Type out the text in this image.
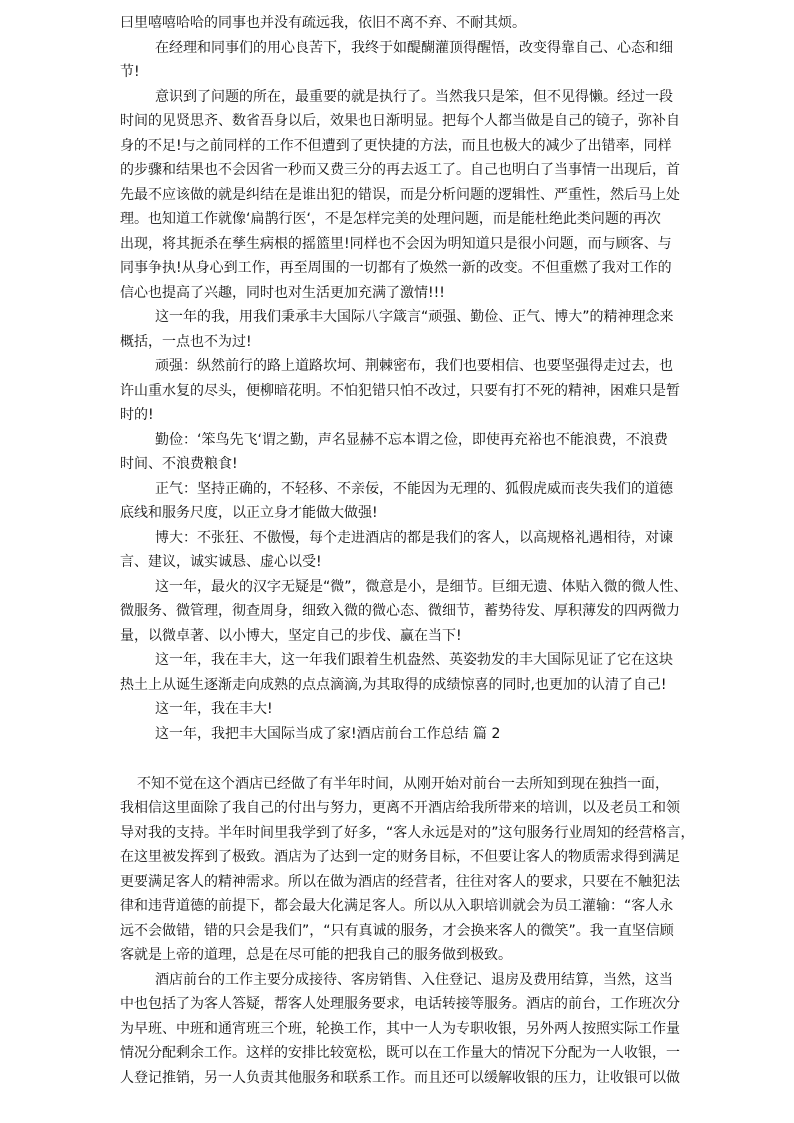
曰里嘻嘻哈哈的同事也并没有疏远我，依旧不离不弃、不耐其烦。
在经理和同事们的用心良苦下，我终于如醍醐灌顶得醒悟，改变得靠自己、心态和细
节!
意识到了问题的所在，最重要的就是执行了。当然我只是笨，但不见得懒。经过一段
时间的见贤思齐、数省吾身以后，效果也日渐明显。把每个人都当做是自己的镜子，弥补自
身的不足!与之前同样的工作不但遭到了更快捷的方法，而且也极大的减少了出错率，同样
的步骤和结果也不会因省一秒而又费三分的再去返工了。自己也明白了当事情一出现后，首
先最不应该做的就是纠结在是谁出犯的错误，而是分析问题的逻辑性、严重性，然后马上处
理。也知道工作就像‘扁鹊行医‘，不是怎样完美的处理问题，而是能杜绝此类问题的再次
出现，将其扼杀在孳生病根的摇篮里!同样也不会因为明知道只是很小问题，而与顾客、与
同事争执!从身心到工作，再至周围的一切都有了焕然一新的改变。不但重燃了我对工作的
信心也提高了兴趣，同时也对生活更加充满了激情!!!
这一年的我，用我们秉承丰大国际八字箴言“顽强、勤俭、正气、博大”的精神理念来
概括，一点也不为过!
顽强：纵然前行的路上道路坎坷、荆棘密布，我们也要相信、也要坚强得走过去，也
许山重水复的尽头，便柳暗花明。不怕犯错只怕不改过，只要有打不死的精神，困难只是暂
时的!
勤俭：‘笨鸟先飞‘谓之勤，声名显赫不忘本谓之俭，即使再充裕也不能浪费，不浪费
时间、不浪费粮食!
正气：坚持正确的，不轻移、不亲佞，不能因为无理的、狐假虎威而丧失我们的道德
底线和服务尺度，以正立身才能做大做强!
博大：不张狂、不傲慢，每个走进酒店的都是我们的客人，以高规格礼遇相待，对谏
言、建议，诚实诚恳、虚心以受!
这一年，最火的汉字无疑是“微”，微意是小，是细节。巨细无遗、体贴入微的微人性、
微服务、微管理，彻查周身，细致入微的微心态、微细节，蓄势待发、厚积薄发的四两微力
量，以微卓著、以小博大，坚定自己的步伐、赢在当下!
这一年，我在丰大，这一年我们跟着生机盎然、英姿勃发的丰大国际见证了它在这块
热土上从诞生逐渐走向成熟的点点滴滴,为其取得的成绩惊喜的同时,也更加的认清了自己!
这一年，我在丰大!
这一年，我把丰大国际当成了家!酒店前台工作总结 篇 2
不知不觉在这个酒店已经做了有半年时间，从刚开始对前台一去所知到现在独挡一面，
我相信这里面除了我自己的付出与努力，更离不开酒店给我所带来的培训，以及老员工和领
导对我的支持。半年时间里我学到了好多，“客人永远是对的”这句服务行业周知的经营格言，
在这里被发挥到了极致。酒店为了达到一定的财务目标，不但要让客人的物质需求得到满足
更要满足客人的精神需求。所以在做为酒店的经营者，往往对客人的要求，只要在不触犯法
律和违背道德的前提下，都会最大化满足客人。所以从入职培训就会为员工灌输：“客人永
远不会做错，错的只会是我们”，“只有真诚的服务，才会换来客人的微笑”。我一直坚信顾
客就是上帝的道理，总是在尽可能的把我自己的服务做到极致。
酒店前台的工作主要分成接待、客房销售、入住登记、退房及费用结算，当然，这当
中也包括了为客人答疑，帮客人处理服务要求，电话转接等服务。酒店的前台，工作班次分
为早班、中班和通宵班三个班，轮换工作，其中一人为专职收银，另外两人按照实际工作量
情况分配剩余工作。这样的安排比较宽松，既可以在工作量大的情况下分配为一人收银，一
人登记推销，另一人负责其他服务和联系工作。而且还可以缓解收银的压力，让收银可以做
